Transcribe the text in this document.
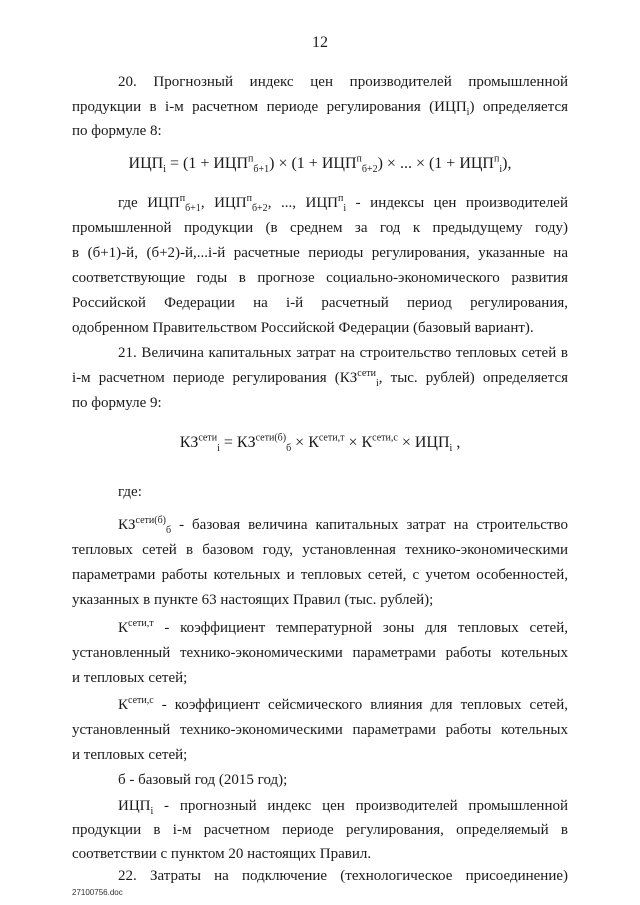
12
20. Прогнозный индекс цен производителей промышленной
продукции в i-м расчетном периоде регулирования $(ИЦП_i)$ определяется
по формуле 8:
$ИЦП_i = (1 + ИЦП^п_{б+1}) \times (1 + ИЦП^п_{б+2})$ × ... × $(1 + ИЦП^п_i)$,
где $ИЦП^п_{б+1}$, $ИЦП^п_{б+2}$, ..., $ИЦП^п_i$ - индексы цен производителей
промышленной продукции (в среднем за год к предыдущему году)
в (б+1)-й, (б+2)-й,...i-й расчетные периоды регулирования, указанные на
соответствующие годы в прогнозе социально-экономического развития
Российской Федерации на i-й расчетный период регулирования,
одобренном Правительством Российской Федерации (базовый вариант).
21. Величина капитальных затрат на строительство тепловых сетей в
i-м расчетном периоде регулирования ($КЗ^{сети}_i$, тыс. рублей) определяется
по формуле 9:
$КЗ^{сети}_i = КЗ^{сети(б)}_б \times К^{сети,т} \times К^{сети,с} \times ИЦП_i$ ,
где:
$КЗ^{сети(б)}_б$ - базовая величина капитальных затрат на строительство
тепловых сетей в базовом году, установленная технико-экономическими
параметрами работы котельных и тепловых сетей, с учетом особенностей,
указанных в пункте 63 настоящих Правил (тыс. рублей);
$К^{сети,т}$ - коэффициент температурной зоны для тепловых сетей,
установленный технико-экономическими параметрами работы котельных
и тепловых сетей;
$К^{сети,с}$ - коэффициент сейсмического влияния для тепловых сетей,
установленный технико-экономическими параметрами работы котельных
и тепловых сетей;
б - базовый год (2015 год);
$ИЦП_i$ - прогнозный индекс цен производителей промышленной
продукции в i-м расчетном периоде регулирования, определяемый в
соответствии с пунктом 20 настоящих Правил.
22. Затраты на подключение (технологическое присоединение)
27100756.doc
